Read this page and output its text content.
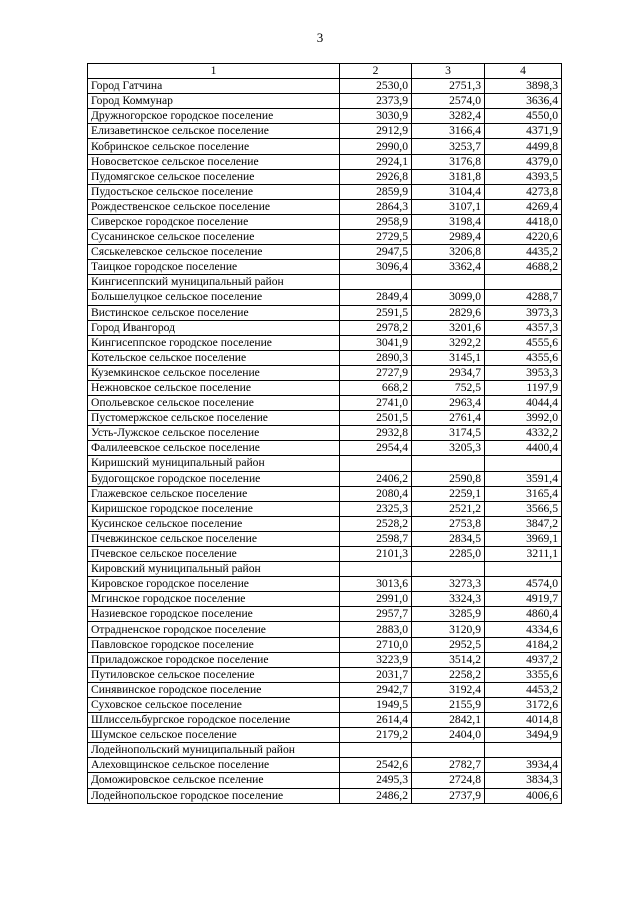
3
1	2	3	4
Город Гатчина	2530,0	2751,3	3898,3
Город Коммунар	2373,9	2574,0	3636,4
Дружногорское городское поселение	3030,9	3282,4	4550,0
Елизаветинское сельское поселение	2912,9	3166,4	4371,9
Кобринское сельское поселение	2990,0	3253,7	4499,8
Новосветское сельское поселение	2924,1	3176,8	4379,0
Пудомягское сельское поселение	2926,8	3181,8	4393,5
Пудостьское сельское поселение	2859,9	3104,4	4273,8
Рождественское сельское поселение	2864,3	3107,1	4269,4
Сиверское городское поселение	2958,9	3198,4	4418,0
Сусанинское сельское поселение	2729,5	2989,4	4220,6
Сяськелевское сельское поселение	2947,5	3206,8	4435,2
Таицкое городское поселение	3096,4	3362,4	4688,2
Кингисеппский муниципальный район			
Большелуцкое сельское поселение	2849,4	3099,0	4288,7
Вистинское сельское поселение	2591,5	2829,6	3973,3
Город Ивангород	2978,2	3201,6	4357,3
Кингисеппское городское поселение	3041,9	3292,2	4555,6
Котельское сельское поселение	2890,3	3145,1	4355,6
Куземкинское сельское поселение	2727,9	2934,7	3953,3
Нежновское сельское поселение	668,2	752,5	1197,9
Опольевское сельское поселение	2741,0	2963,4	4044,4
Пустомержское сельское поселение	2501,5	2761,4	3992,0
Усть-Лужское сельское поселение	2932,8	3174,5	4332,2
Фалилеевское сельское поселение	2954,4	3205,3	4400,4
Киришский муниципальный район			
Будогощское городское поселение	2406,2	2590,8	3591,4
Глажевское сельское поселение	2080,4	2259,1	3165,4
Киришское городское поселение	2325,3	2521,2	3566,5
Кусинское сельское поселение	2528,2	2753,8	3847,2
Пчевжинское сельское поселение	2598,7	2834,5	3969,1
Пчевское сельское поселение	2101,3	2285,0	3211,1
Кировский муниципальный район			
Кировское городское поселение	3013,6	3273,3	4574,0
Мгинское городское поселение	2991,0	3324,3	4919,7
Назиевское городское поселение	2957,7	3285,9	4860,4
Отрадненское городское поселение	2883,0	3120,9	4334,6
Павловское городское поселение	2710,0	2952,5	4184,2
Приладожское городское поселение	3223,9	3514,2	4937,2
Путиловское сельское поселение	2031,7	2258,2	3355,6
Синявинское городское поселение	2942,7	3192,4	4453,2
Суховское сельское поселение	1949,5	2155,9	3172,6
Шлиссельбургское городское поселение	2614,4	2842,1	4014,8
Шумское сельское поселение	2179,2	2404,0	3494,9
Лодейнопольский муниципальный район			
Алеховщинское сельское поселение	2542,6	2782,7	3934,4
Доможировское сельское пселение	2495,3	2724,8	3834,3
Лодейнопольское городское поселение	2486,2	2737,9	4006,6
